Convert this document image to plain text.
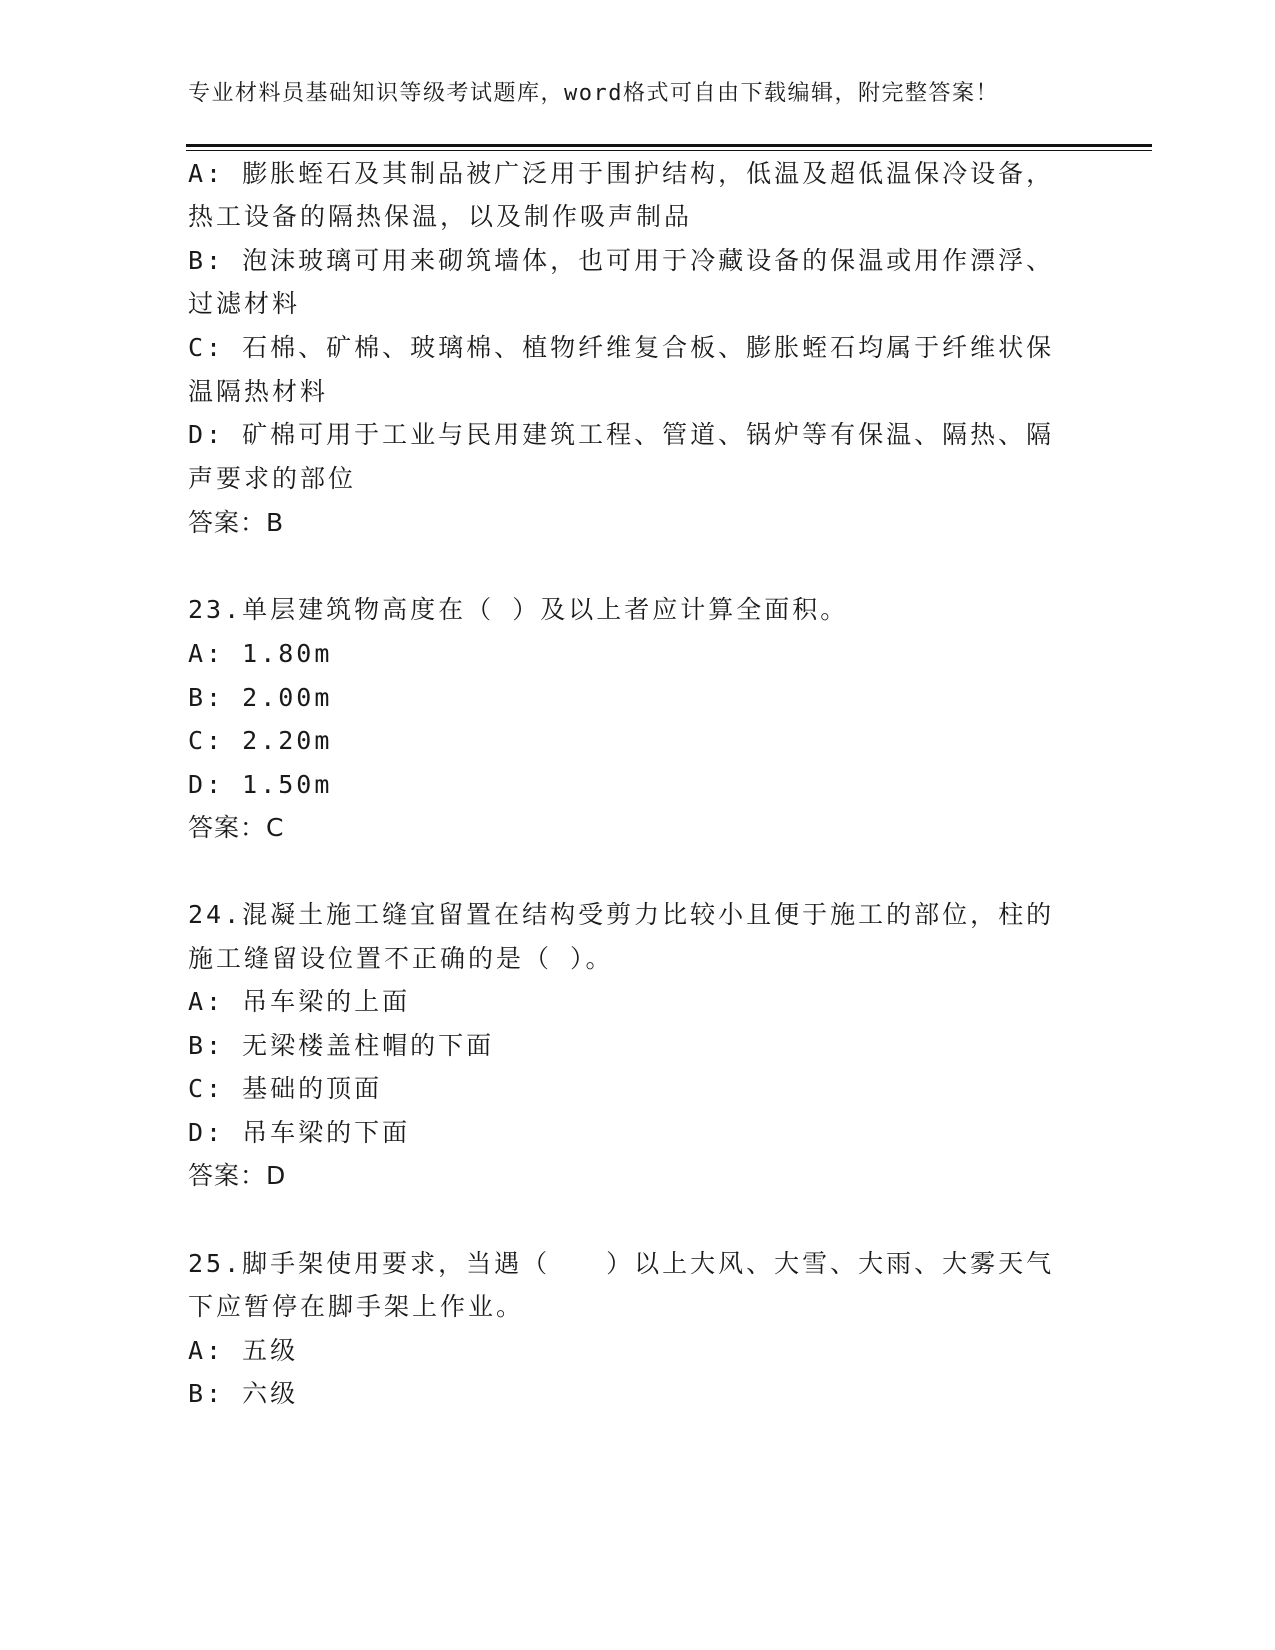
专业材料员基础知识等级考试题库，word格式可自由下载编辑，附完整答案！
A: 膨胀蛭石及其制品被广泛用于围护结构，低温及超低温保冷设备，
热工设备的隔热保温，以及制作吸声制品
B: 泡沫玻璃可用来砌筑墙体，也可用于冷藏设备的保温或用作漂浮、
过滤材料
C: 石棉、矿棉、玻璃棉、植物纤维复合板、膨胀蛭石均属于纤维状保
温隔热材料
D: 矿棉可用于工业与民用建筑工程、管道、锅炉等有保温、隔热、隔
声要求的部位
答案：B
23.单层建筑物高度在（ ）及以上者应计算全面积。
A: 1.80m
B: 2.00m
C: 2.20m
D: 1.50m
答案：C
24.混凝土施工缝宜留置在结构受剪力比较小且便于施工的部位，柱的
施工缝留设位置不正确的是（ ）。
A: 吊车梁的上面
B: 无梁楼盖柱帽的下面
C: 基础的顶面
D: 吊车梁的下面
答案：D
25.脚手架使用要求，当遇（　　）以上大风、大雪、大雨、大雾天气
下应暂停在脚手架上作业。
A: 五级
B: 六级
